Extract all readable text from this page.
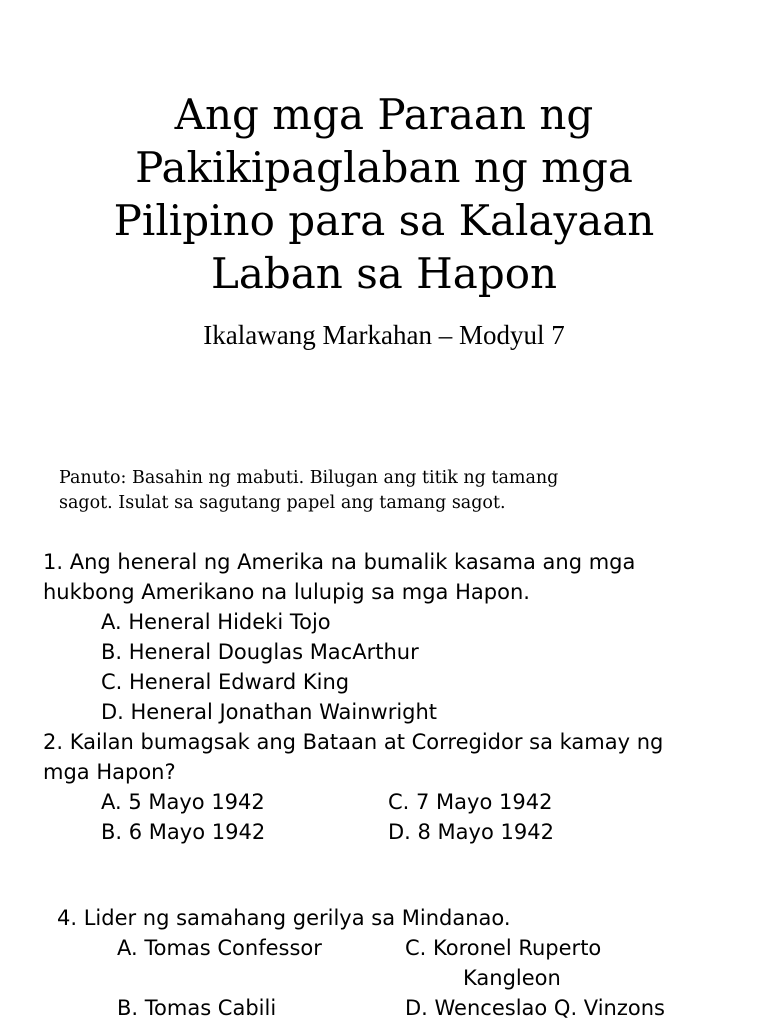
Ang mga Paraan ng
Pakikipaglaban ng mga
Pilipino para sa Kalayaan
Laban sa Hapon

Ikalawang Markahan – Modyul 7

Panuto: Basahin ng mabuti. Bilugan ang titik ng tamang
sagot. Isulat sa sagutang papel ang tamang sagot.
1. Ang heneral ng Amerika na bumalik kasama ang mga
hukbong Amerikano na lulupig sa mga Hapon.
A. Heneral Hideki Tojo
B. Heneral Douglas MacArthur
C. Heneral Edward King
D. Heneral Jonathan Wainwright
2. Kailan bumagsak ang Bataan at Corregidor sa kamay ng
mga Hapon?
A. 5 Mayo 1942	C. 7 Mayo 1942
B. 6 Mayo 1942	D. 8 Mayo 1942
4. Lider ng samahang gerilya sa Mindanao.
A. Tomas Confessor	C. Koronel Ruperto
Kangleon
B. Tomas Cabili	D. Wenceslao Q. Vinzons
